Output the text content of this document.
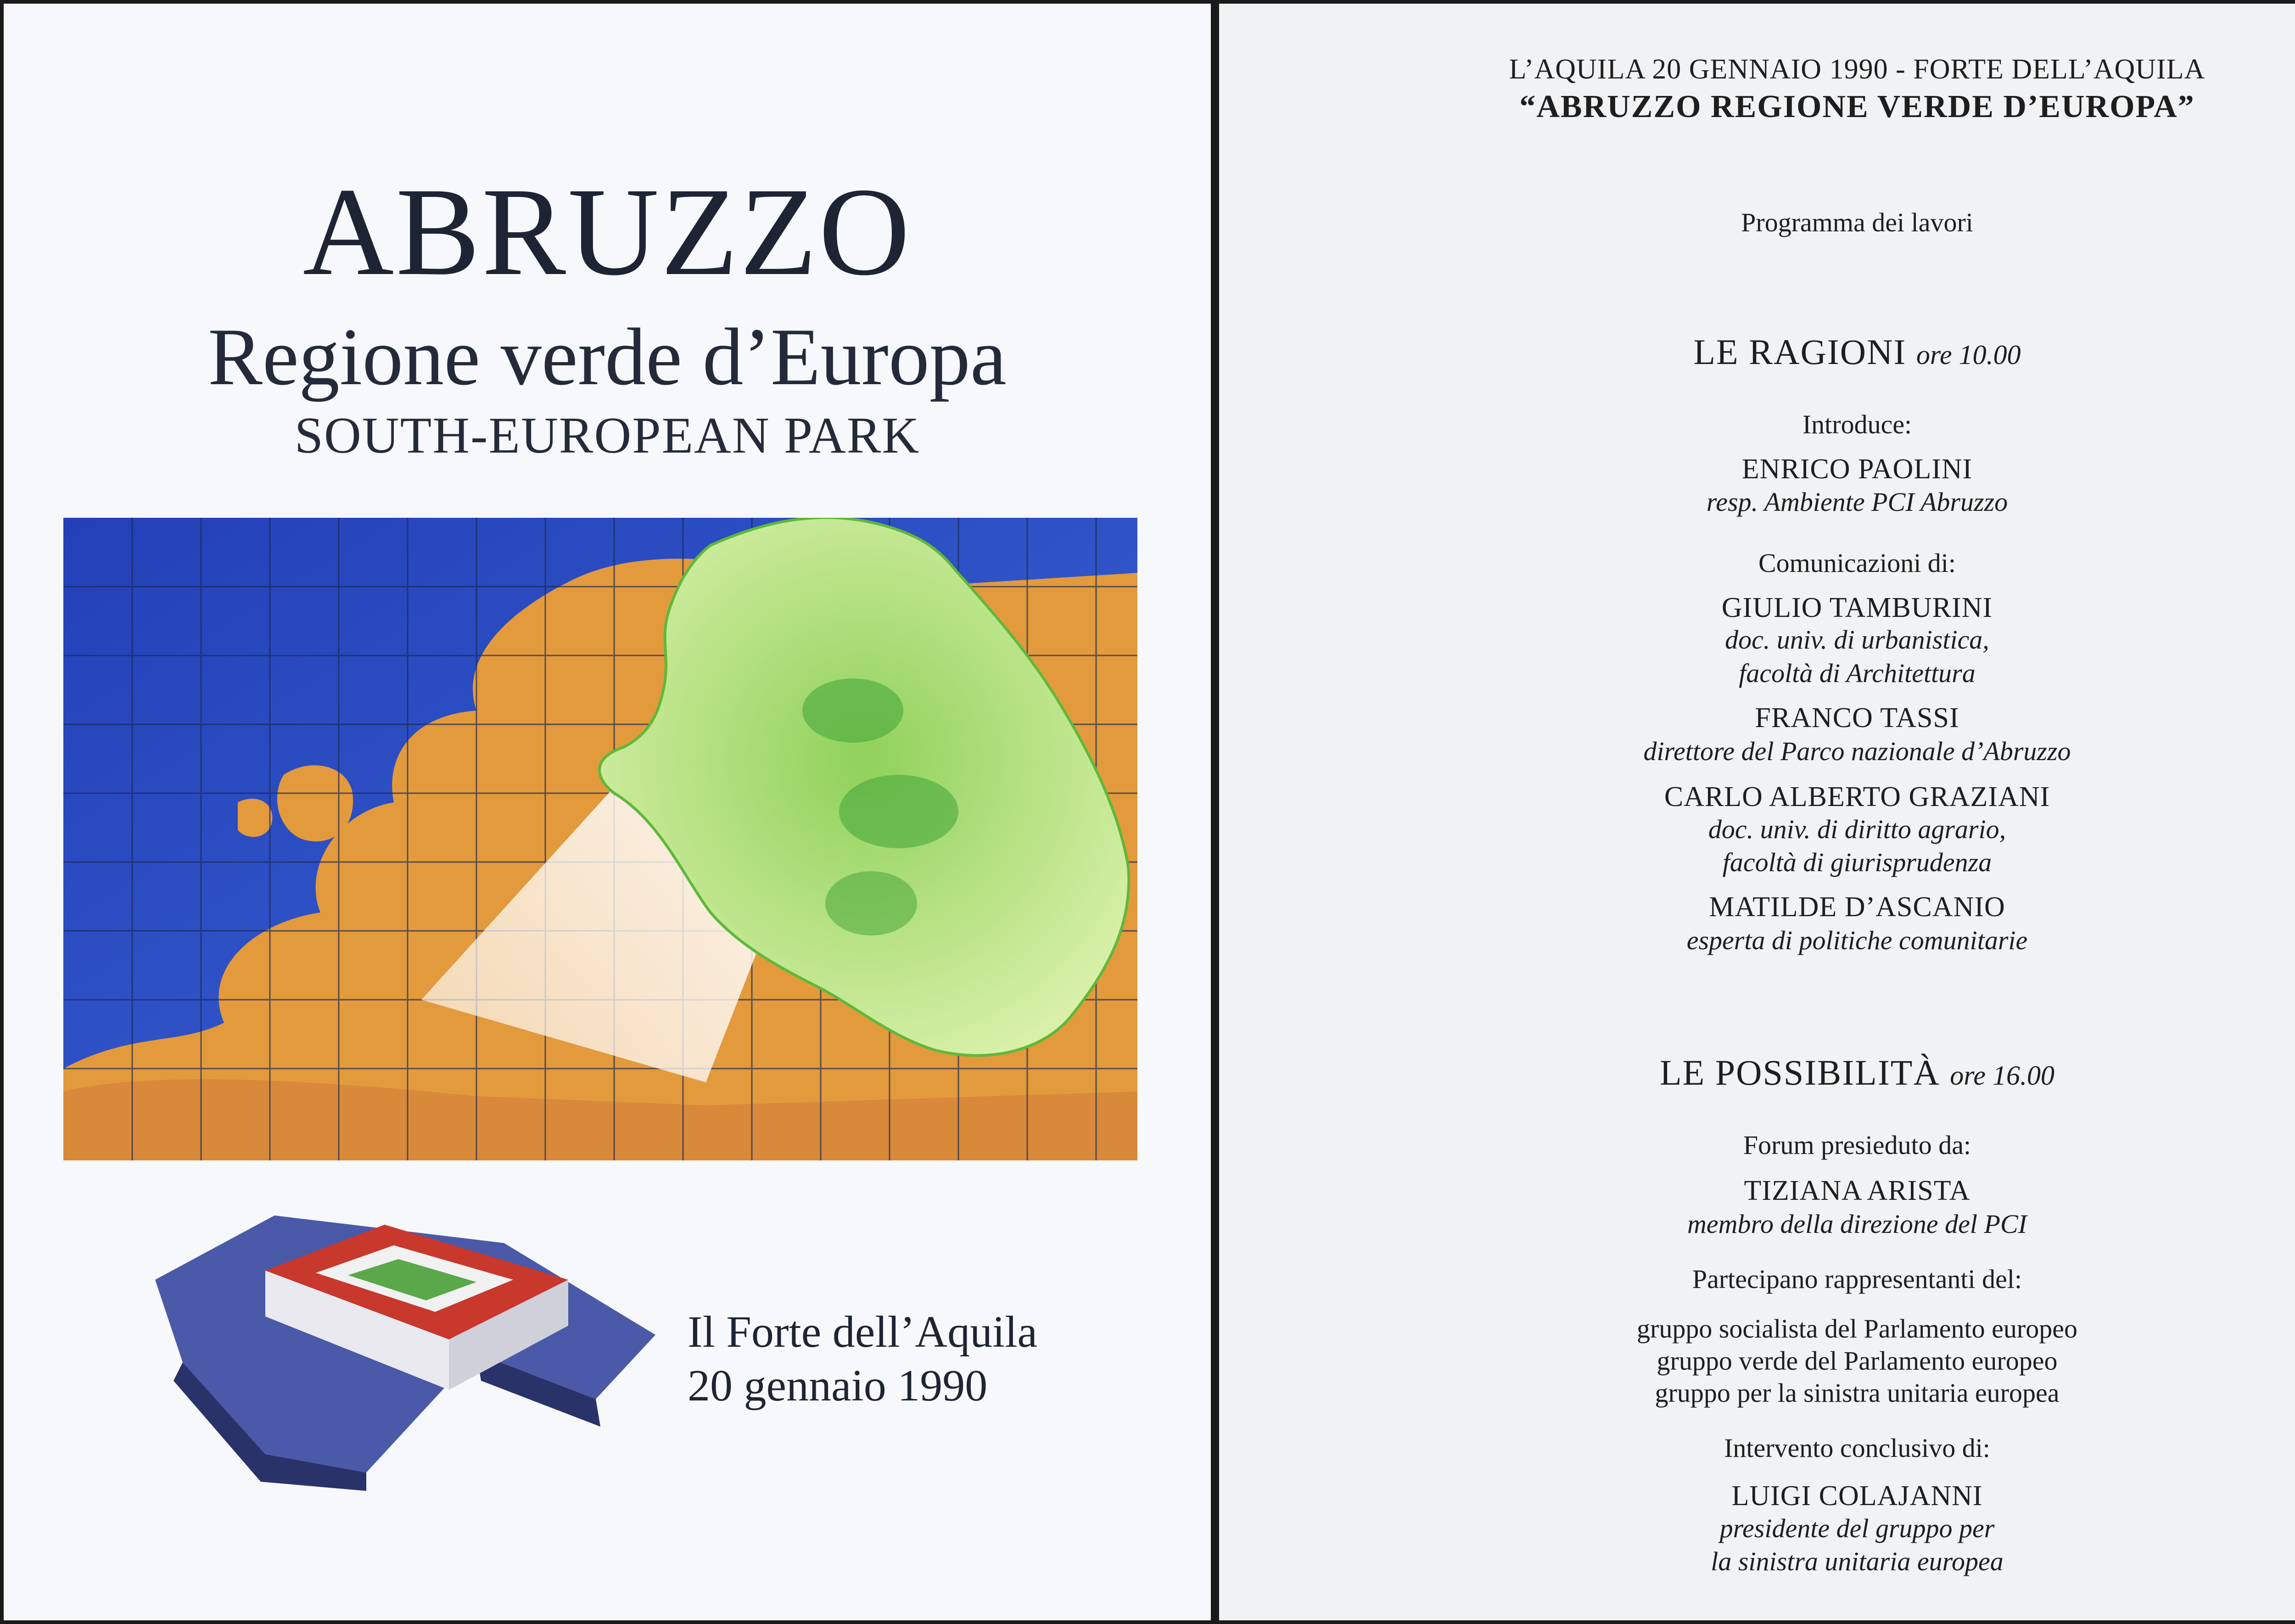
ABRUZZO
Regione verde d’Europa
SOUTH-EUROPEAN PARK
Il Forte dell’Aquila
20 gennaio 1990
L’AQUILA 20 GENNAIO 1990 - FORTE DELL’AQUILA
“ABRUZZO REGIONE VERDE D’EUROPA”
Programma dei lavori
LE RAGIONI ore 10.00
Introduce:
ENRICO PAOLINI
resp. Ambiente PCI Abruzzo
Comunicazioni di:
GIULIO TAMBURINI
doc. univ. di urbanistica,
facoltà di Architettura
FRANCO TASSI
direttore del Parco nazionale d’Abruzzo
CARLO ALBERTO GRAZIANI
doc. univ. di diritto agrario,
facoltà di giurisprudenza
MATILDE D’ASCANIO
esperta di politiche comunitarie
LE POSSIBILITÀ ore 16.00
Forum presieduto da:
TIZIANA ARISTA
membro della direzione del PCI
Partecipano rappresentanti del:
gruppo socialista del Parlamento europeo
gruppo verde del Parlamento europeo
gruppo per la sinistra unitaria europea
Intervento conclusivo di:
LUIGI COLAJANNI
presidente del gruppo per
la sinistra unitaria europea
